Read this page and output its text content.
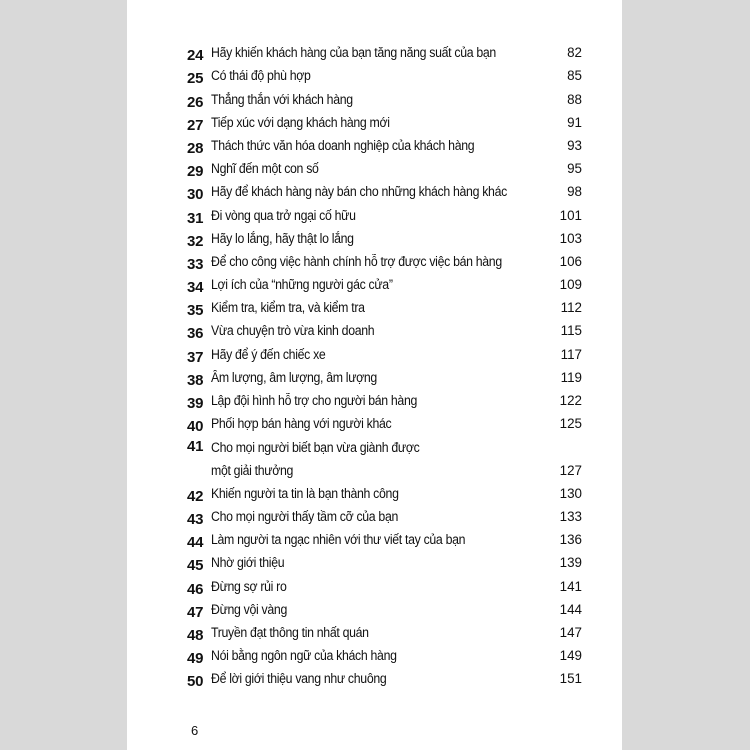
24 Hãy khiến khách hàng của bạn tăng năng suất của bạn	82
25 Có thái độ phù hợp	85
26 Thẳng thắn với khách hàng	88
27 Tiếp xúc với dạng khách hàng mới	91
28 Thách thức văn hóa doanh nghiệp của khách hàng	93
29 Nghĩ đến một con số	95
30 Hãy để khách hàng này bán cho những khách hàng khác	98
31 Đi vòng qua trở ngại cố hữu	101
32 Hãy lo lắng, hãy thật lo lắng	103
33 Để cho công việc hành chính hỗ trợ được việc bán hàng	106
34 Lợi ích của “những người gác cửa”	109
35 Kiểm tra, kiểm tra, và kiểm tra	112
36 Vừa chuyện trò vừa kinh doanh	115
37 Hãy để ý đến chiếc xe	117
38 Âm lượng, âm lượng, âm lượng	119
39 Lập đội hình hỗ trợ cho người bán hàng	122
40 Phối hợp bán hàng với người khác	125
41 Cho mọi người biết bạn vừa giành được
một giải thưởng	127
42 Khiến người ta tin là bạn thành công	130
43 Cho mọi người thấy tầm cỡ của bạn	133
44 Làm người ta ngạc nhiên với thư viết tay của bạn	136
45 Nhờ giới thiệu	139
46 Đừng sợ rủi ro	141
47 Đừng vội vàng	144
48 Truyền đạt thông tin nhất quán	147
49 Nói bằng ngôn ngữ của khách hàng	149
50 Để lời giới thiệu vang như chuông	151
6
